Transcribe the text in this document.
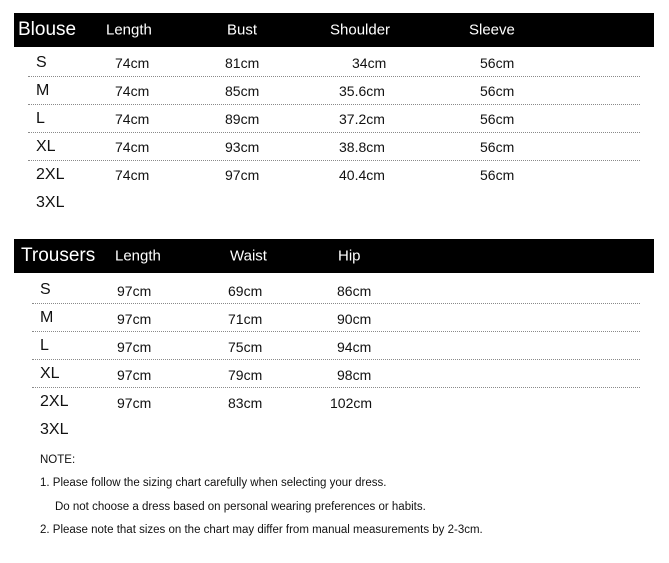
Blouse Length	Bust	Shoulder	Sleeve
S	74cm	81cm	34cm	56cm
M	74cm	85cm	35.6cm	56cm
L	74cm	89cm	37.2cm	56cm
XL	74cm	93cm	38.8cm	56cm
2XL	74cm	97cm	40.4cm	56cm
3XL
Trousers Length	Waist	Hip
S	97cm	69cm	86cm
M	97cm	71cm	90cm
L	97cm	75cm	94cm
XL	97cm	79cm	98cm
2XL	97cm	83cm	102cm
3XL
NOTE:
1. Please follow the sizing chart carefully when selecting your dress.
Do not choose a dress based on personal wearing preferences or habits.
2. Please note that sizes on the chart may differ from manual measurements by 2-3cm.
